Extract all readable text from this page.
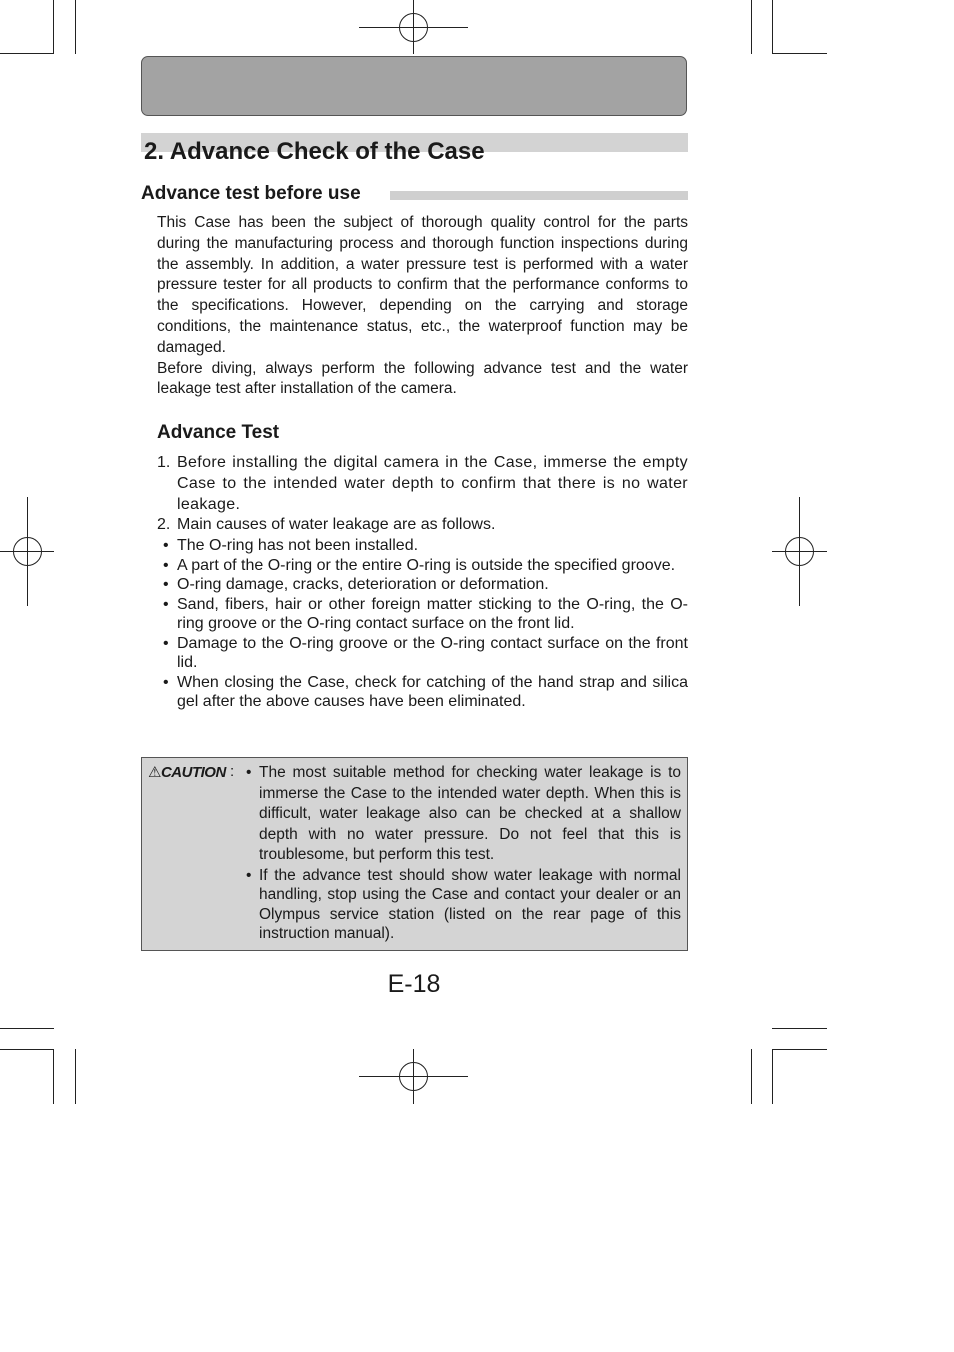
2. Advance Check of the Case
Advance test before use

This Case has been the subject of thorough quality control for the parts during the manufacturing process and thorough function inspections during the assembly. In addition, a water pressure test is performed with a water pressure tester for all products to confirm that the performance conforms to the specifications. However, depending on the carrying and storage conditions, the maintenance status, etc., the waterproof function may be damaged.

Before diving, always perform the following advance test and the water leakage test after installation of the camera.

Advance Test
1. Before installing the digital camera in the Case, immerse the empty Case to the intended water depth to confirm that there is no water leakage.
2. Main causes of water leakage are as follows.
• The O-ring has not been installed.
• A part of the O-ring or the entire O-ring is outside the specified groove.
• O-ring damage, cracks, deterioration or deformation.
• Sand, fibers, hair or other foreign matter sticking to the O-ring, the O-ring groove or the O-ring contact surface on the front lid.
• Damage to the O-ring groove or the O-ring contact surface on the front lid.
• When closing the Case, check for catching of the hand strap and silica gel after the above causes have been eliminated.
⚠CAUTION : • The most suitable method for checking water leakage is to immerse the Case to the intended water depth. When this is difficult, water leakage also can be checked at a shallow depth with no water pressure. Do not feel that this is troublesome, but perform this test.
• If the advance test should show water leakage with normal handling, stop using the Case and contact your dealer or an Olympus service station (listed on the rear page of this instruction manual).
E-18
